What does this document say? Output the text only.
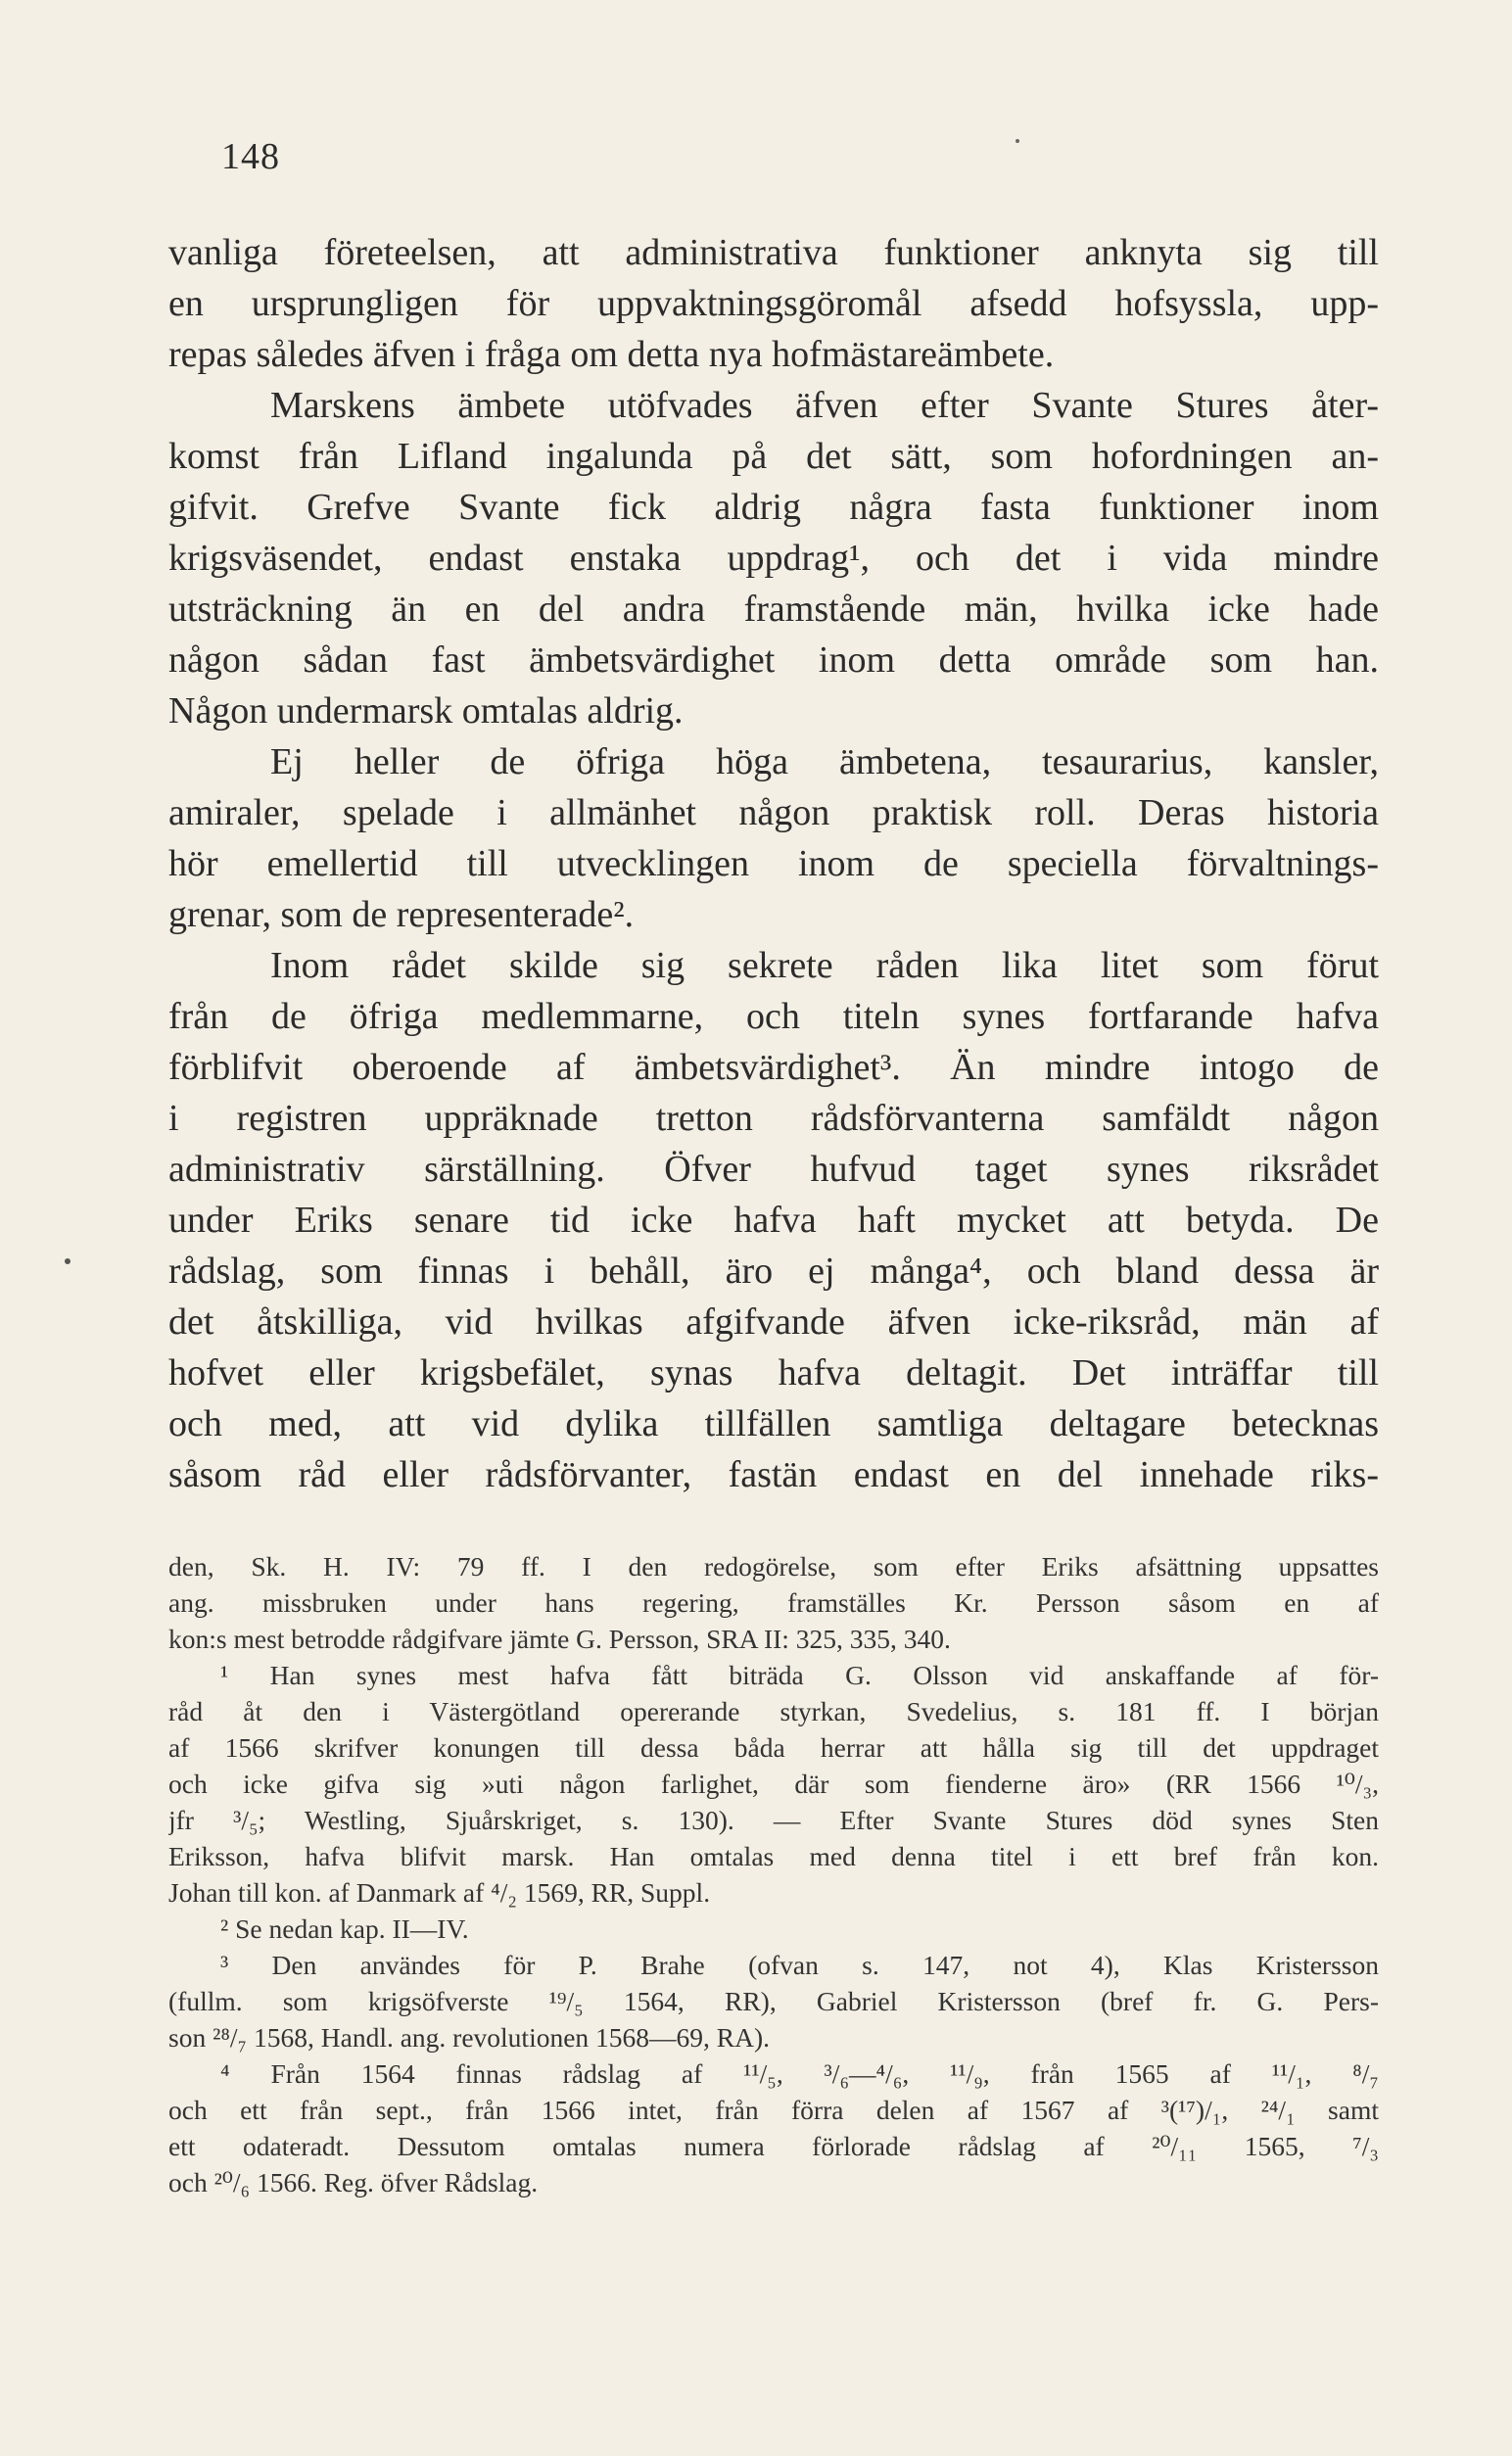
148
vanliga företeelsen, att administrativa funktioner anknyta sig till
en ursprungligen för uppvaktningsgöromål afsedd hofsyssla, upp-
repas således äfven i fråga om detta nya hofmästareämbete.
Marskens ämbete utöfvades äfven efter Svante Stures åter-
komst från Lifland ingalunda på det sätt, som hofordningen an-
gifvit. Grefve Svante fick aldrig några fasta funktioner inom
krigsväsendet, endast enstaka uppdrag¹, och det i vida mindre
utsträckning än en del andra framstående män, hvilka icke hade
någon sådan fast ämbetsvärdighet inom detta område som han.
Någon undermarsk omtalas aldrig.
Ej heller de öfriga höga ämbetena, tesaurarius, kansler,
amiraler, spelade i allmänhet någon praktisk roll. Deras historia
hör emellertid till utvecklingen inom de speciella förvaltnings-
grenar, som de representerade².
Inom rådet skilde sig sekrete råden lika litet som förut
från de öfriga medlemmarne, och titeln synes fortfarande hafva
förblifvit oberoende af ämbetsvärdighet³. Än mindre intogo de
i registren uppräknade tretton rådsförvanterna samfäldt någon
administrativ särställning. Öfver hufvud taget synes riksrådet
under Eriks senare tid icke hafva haft mycket att betyda. De
rådslag, som finnas i behåll, äro ej många⁴, och bland dessa är
det åtskilliga, vid hvilkas afgifvande äfven icke-riksråd, män af
hofvet eller krigsbefälet, synas hafva deltagit. Det inträffar till
och med, att vid dylika tillfällen samtliga deltagare betecknas
såsom råd eller rådsförvanter, fastän endast en del innehade riks-
den, Sk. H. IV: 79 ff. I den redogörelse, som efter Eriks afsättning uppsattes
ang. missbruken under hans regering, framställes Kr. Persson såsom en af
kon:s mest betrodde rådgifvare jämte G. Persson, SRA II: 325, 335, 340.
¹ Han synes mest hafva fått biträda G. Olsson vid anskaffande af för-
råd åt den i Västergötland opererande styrkan, Svedelius, s. 181 ff. I början
af 1566 skrifver konungen till dessa båda herrar att hålla sig till det uppdraget
och icke gifva sig »uti någon farlighet, där som fienderne äro» (RR 1566 ¹⁰/₃,
jfr ³/₅; Westling, Sjuårskriget, s. 130). — Efter Svante Stures död synes Sten
Eriksson, hafva blifvit marsk. Han omtalas med denna titel i ett bref från kon.
Johan till kon. af Danmark af ⁴/₂ 1569, RR, Suppl.
² Se nedan kap. II—IV.
³ Den användes för P. Brahe (ofvan s. 147, not 4), Klas Kristersson
(fullm. som krigsöfverste ¹⁹/₅ 1564, RR), Gabriel Kristersson (bref fr. G. Pers-
son ²⁸/₇ 1568, Handl. ang. revolutionen 1568—69, RA).
⁴ Från 1564 finnas rådslag af ¹¹/₅, ³/₆—⁴/₆, ¹¹/₉, från 1565 af ¹¹/₁, ⁸/₇
och ett från sept., från 1566 intet, från förra delen af 1567 af ³(¹⁷)/₁, ²⁴/₁ samt
ett odateradt. Dessutom omtalas numera förlorade rådslag af ²⁰/₁₁ 1565, ⁷/₃
och ²⁰/₆ 1566. Reg. öfver Rådslag.
